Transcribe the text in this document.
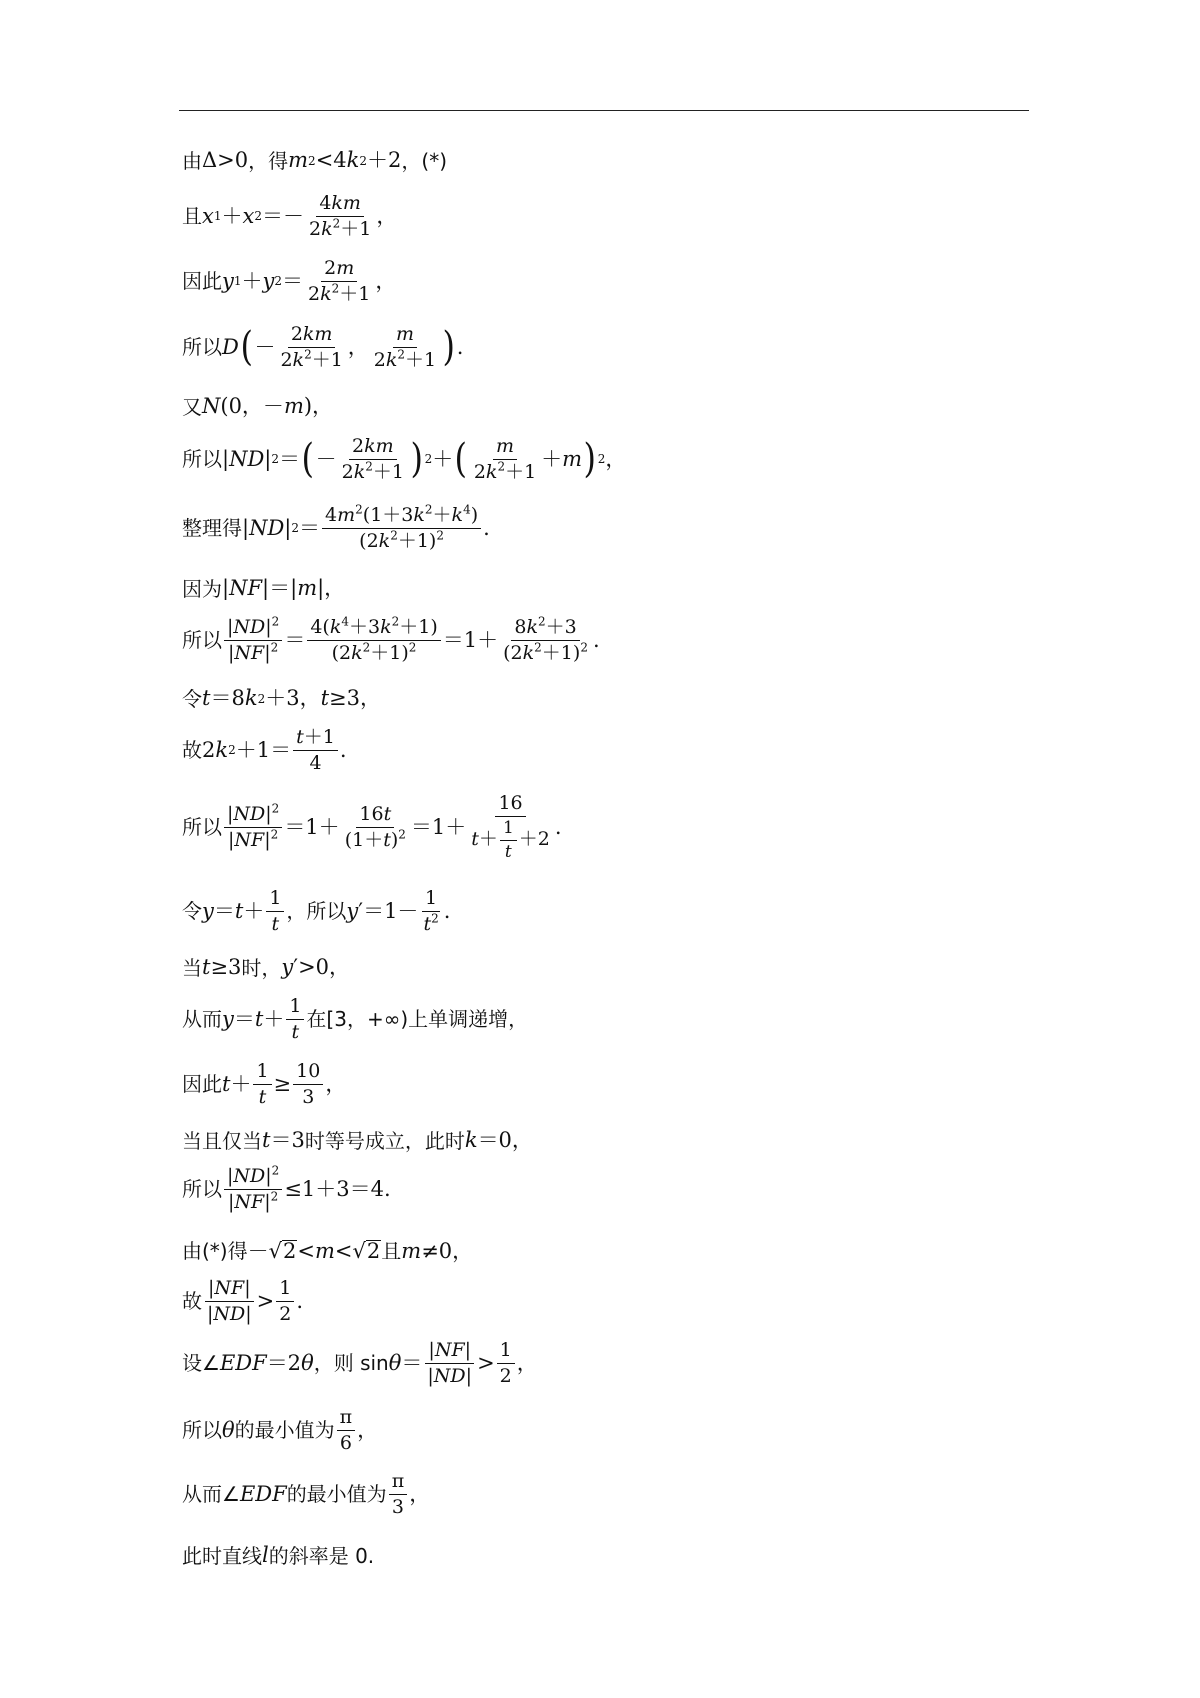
由 Δ>0 ，得 m 2 <4 k 2 ＋2 ，(*)
且 x 1 ＋ x $2 =- \frac{4km}{2k^2+1}$ ，
因此 y 1 ＋ y $2 = \frac{2m}{2k^2+1}$ ，
所以 D ( － $\frac{2km}{2k^2+1}$ ， $\frac{m}{2k^2+1}$ ) .
又 N (0，－ m )，
所以 | ND | 2 ＝ ( － $\frac{2km}{2k^2+1}$ ) 2 ＋ ( $\frac{m}{2k^2+1} + m$ ) 2 ，
整理得 | ND | $2 = \frac{4m^2(1+3k^2+k^4)}{(2k^2+1)^2}$ .
因为 | NF |＝| m |，
所以 $\frac{|ND|^2}{|NF|^2} = \frac{4(k^4+3k^2+1)}{(2k^2+1)^2} =1+ \frac{8k^2+3}{(2k^2+1)^2}$ .
令 t ＝8 k 2 ＋3， t ≥3，
故 2 k $2 +1= \frac{t+1}{4}$ .
所以 $\frac{|ND|^2}{|NF|^2} =1+ \frac{16t}{(1+t)^2} =1+ \frac{16}{t+ \frac{1}{t} +2}$ .
令 $y = t + \frac{1}{t}$ ，所以 y $'=1- \frac{1}{t^2}$ .
当 t ≥3 时， y ′>0，
从而 $y = t + \frac{1}{t}$ 在[3，+∞)上单调递增，
因此 $t + \frac{1}{t} \ge \frac{10}{3}$ ，
当且仅当 t ＝3 时等号成立，此时 k ＝0，
所以 $\frac{|ND|^2}{|NF|^2} \le 1+3=4$.
由(*)得 － √ 2 < m < √ 2 且 m ≠0，
故 $\frac{|NF|}{|ND|} > \frac{1}{2}$ .
设∠ EDF ＝2 θ ，则 $\sin \theta = \frac{|NF|}{|ND|} > \frac{1}{2}$ ，
所以 θ 的最小值为 $\frac{\pi}{6}$ ，
从而∠ EDF 的最小值为 $\frac{\pi}{3}$ ，
此时直线 l 的斜率是 0.
